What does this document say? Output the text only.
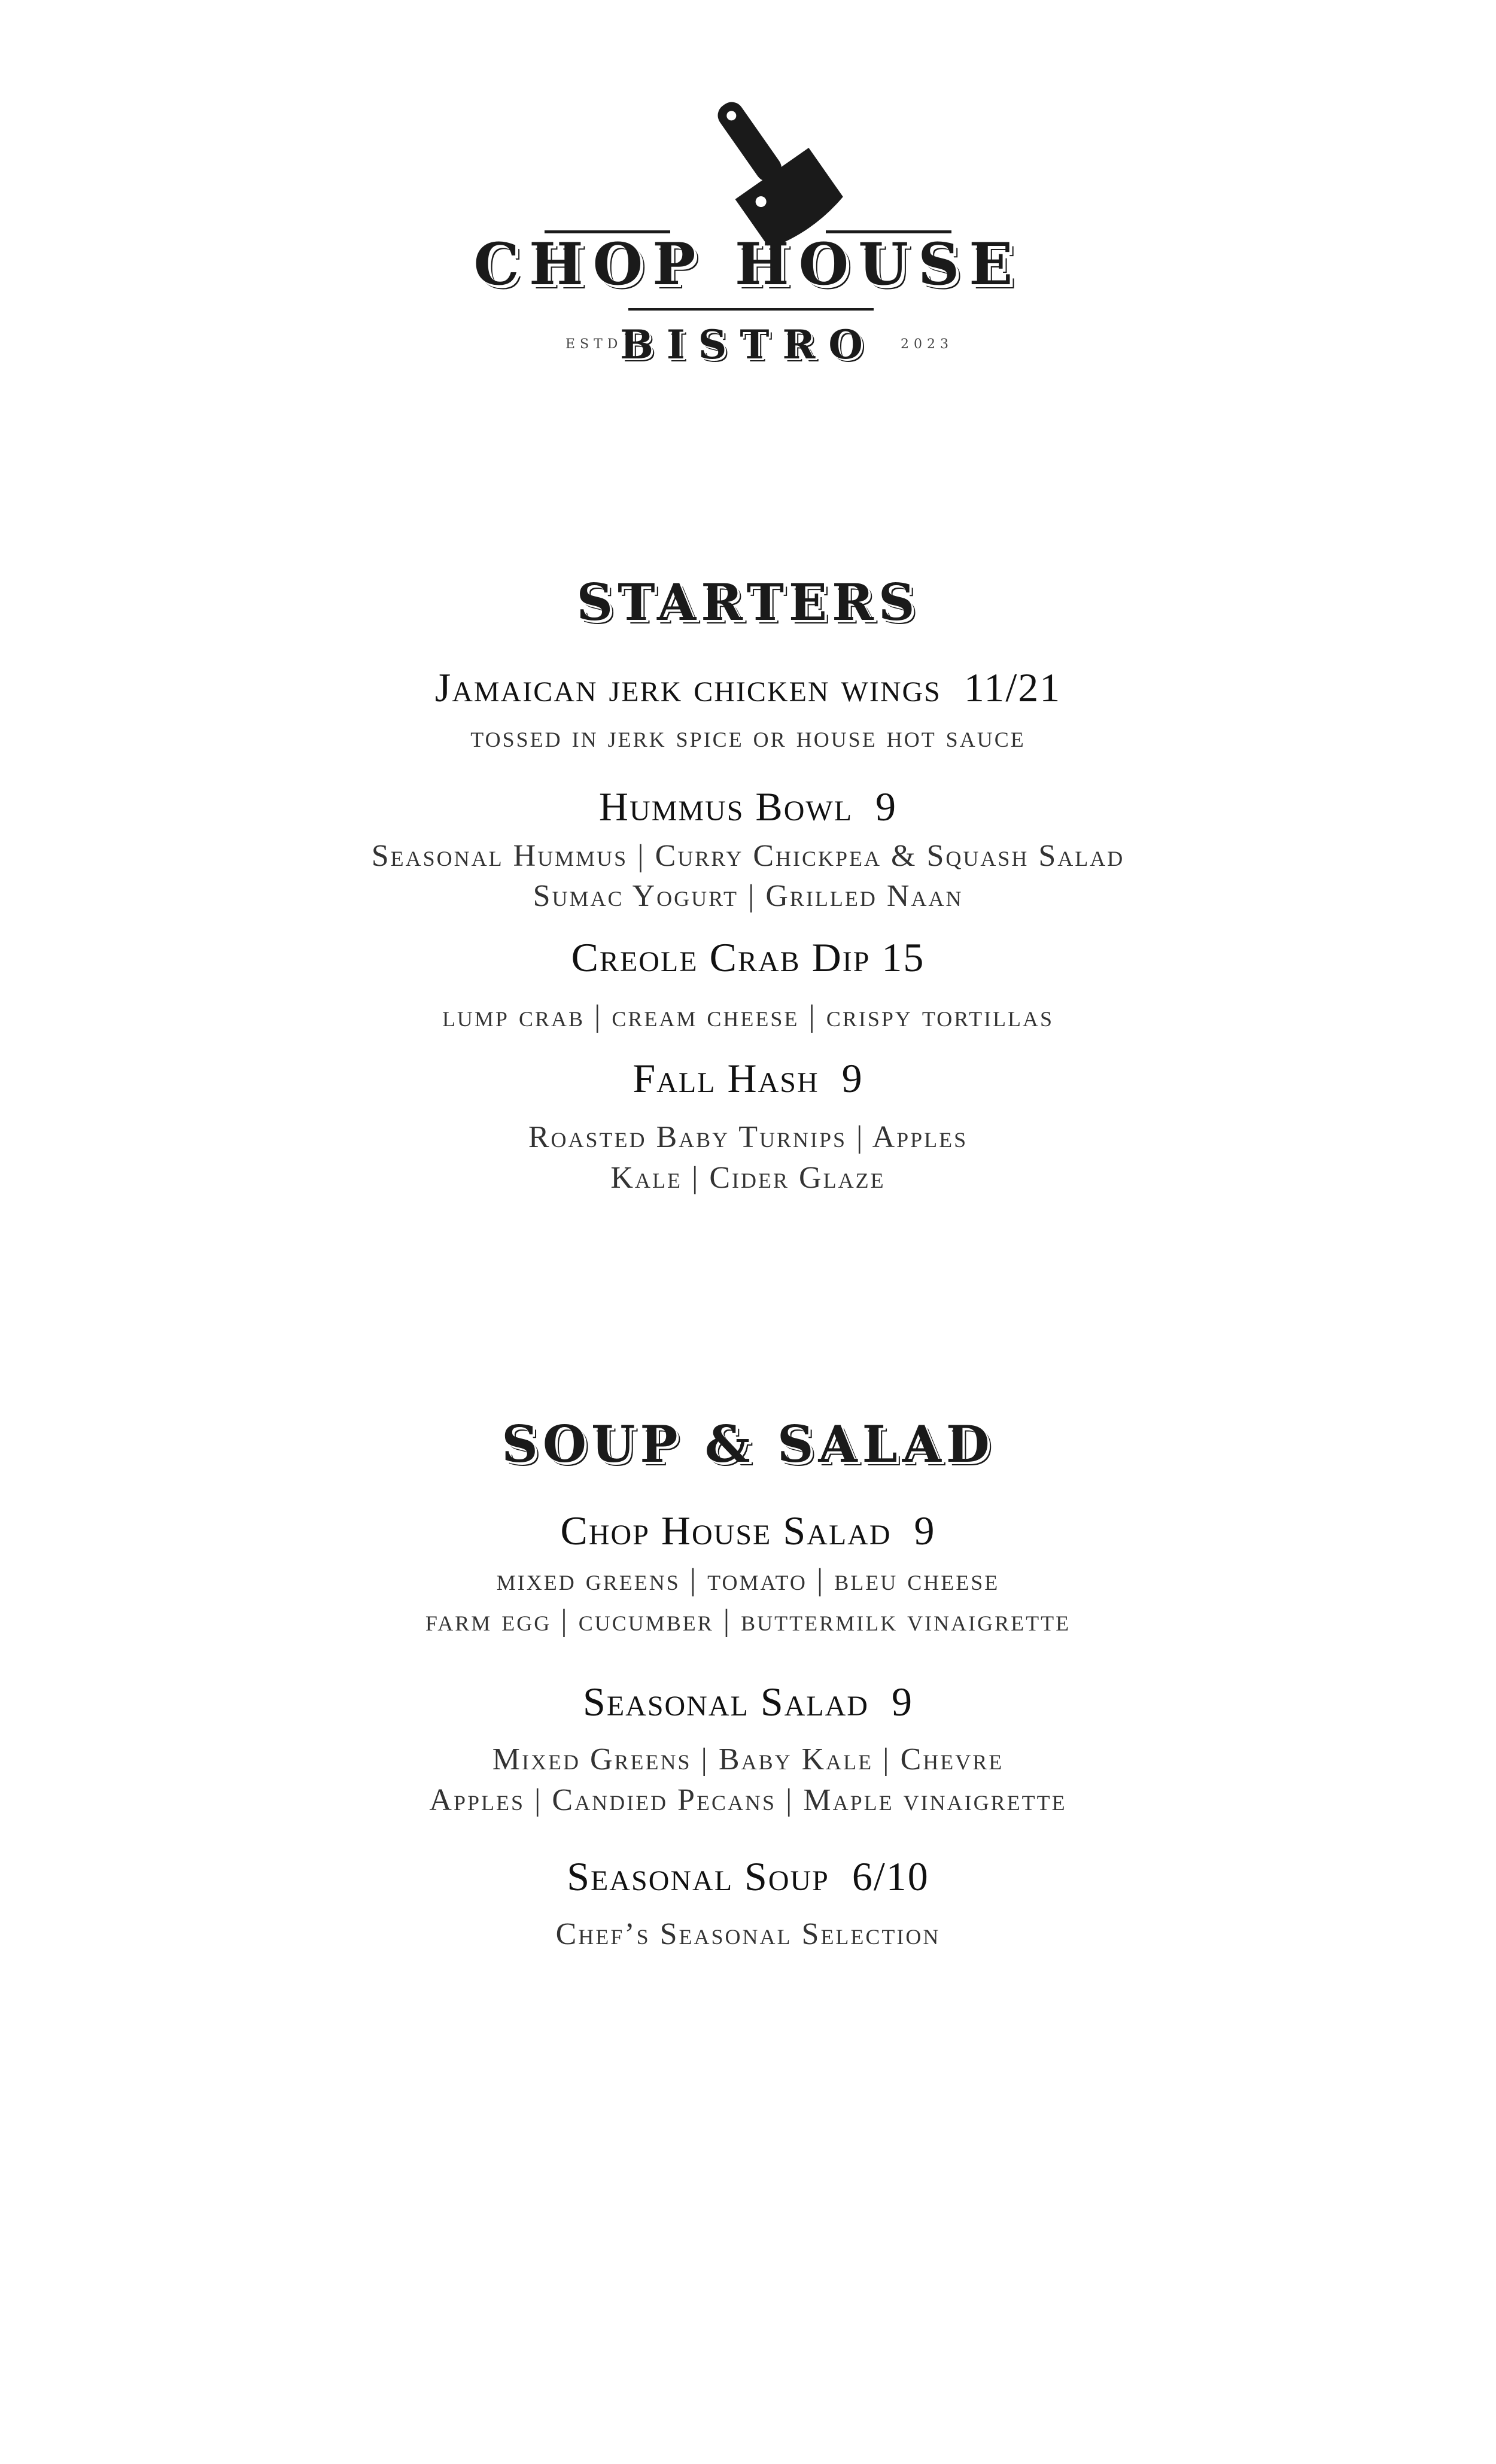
CHOP HOUSE
ESTD
BISTRO	2023
STARTERS
Jamaican jerk chicken wings  11/21
tossed in jerk spice or house hot sauce
Hummus Bowl  9
Seasonal Hummus | Curry Chickpea & Squash Salad
Sumac Yogurt | Grilled Naan
Creole Crab Dip 15
lump crab | cream cheese | crispy tortillas
Fall Hash  9
Roasted Baby Turnips | Apples
Kale | Cider Glaze
SOUP & SALAD
Chop House Salad  9
mixed greens | tomato | bleu cheese
farm egg | cucumber | buttermilk vinaigrette
Seasonal Salad  9
Mixed Greens | Baby Kale | Chevre
Apples | Candied Pecans | Maple vinaigrette
Seasonal Soup  6/10
Chef’s Seasonal Selection
